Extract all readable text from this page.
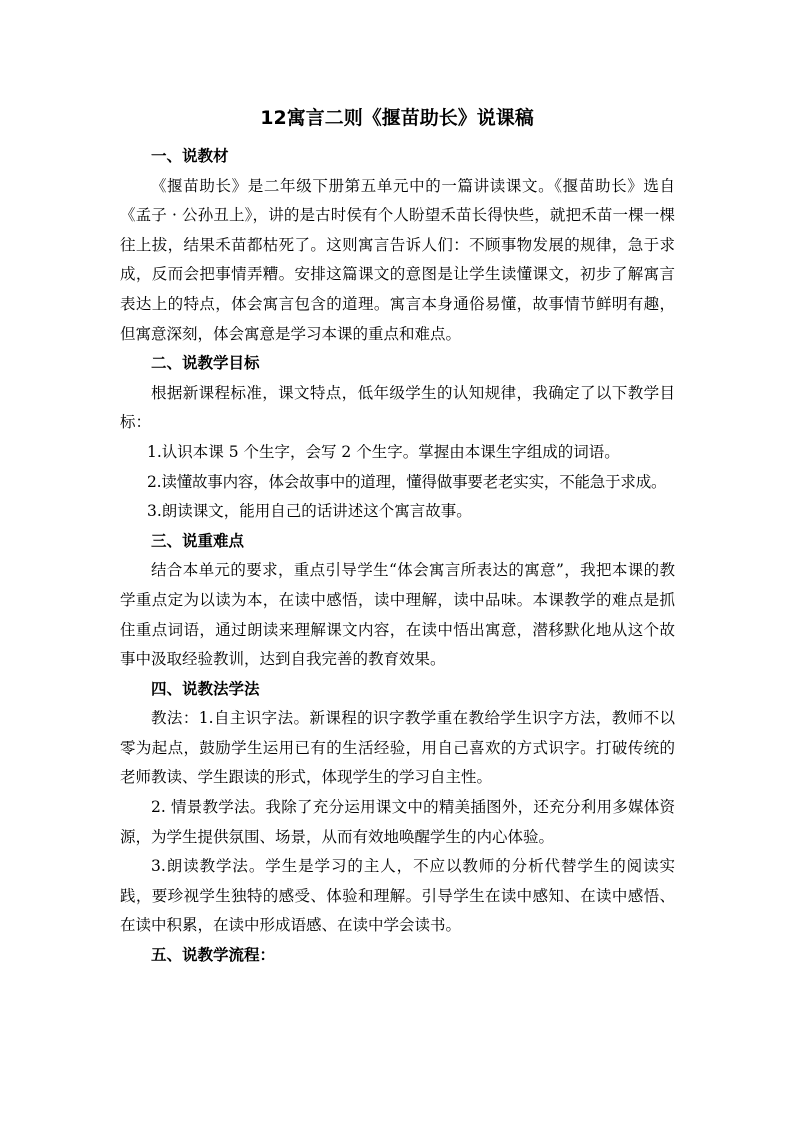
12寓言二则《揠苗助长》说课稿

一、说教材

《揠苗助长》是二年级下册第五单元中的一篇讲读课文。《揠苗助长》选自《孟子 · 公孙丑上》，讲的是古时侯有个人盼望禾苗长得快些，就把禾苗一棵一棵往上拔，结果禾苗都枯死了。这则寓言告诉人们：不顾事物发展的规律，急于求成，反而会把事情弄糟。安排这篇课文的意图是让学生读懂课文，初步了解寓言表达上的特点，体会寓言包含的道理。寓言本身通俗易懂，故事情节鲜明有趣，但寓意深刻，体会寓意是学习本课的重点和难点。

二、说教学目标

根据新课程标准，课文特点，低年级学生的认知规律，我确定了以下教学目标：

1.认识本课 5 个生字，会写 2 个生字。掌握由本课生字组成的词语。

2.读懂故事内容，体会故事中的道理，懂得做事要老老实实，不能急于求成。

3.朗读课文，能用自己的话讲述这个寓言故事。

三、说重难点

结合本单元的要求，重点引导学生“体会寓言所表达的寓意”，我把本课的教学重点定为以读为本，在读中感悟，读中理解，读中品味。本课教学的难点是抓住重点词语，通过朗读来理解课文内容，在读中悟出寓意，潜移默化地从这个故事中汲取经验教训，达到自我完善的教育效果。

四、说教法学法

教法：1.自主识字法。新课程的识字教学重在教给学生识字方法，教师不以零为起点，鼓励学生运用已有的生活经验，用自己喜欢的方式识字。打破传统的老师教读、学生跟读的形式，体现学生的学习自主性。

2. 情景教学法。我除了充分运用课文中的精美插图外，还充分利用多媒体资源，为学生提供氛围、场景，从而有效地唤醒学生的内心体验。

3.朗读教学法。学生是学习的主人，不应以教师的分析代替学生的阅读实践，要珍视学生独特的感受、体验和理解。引导学生在读中感知、在读中感悟、在读中积累，在读中形成语感、在读中学会读书。

五、说教学流程：
